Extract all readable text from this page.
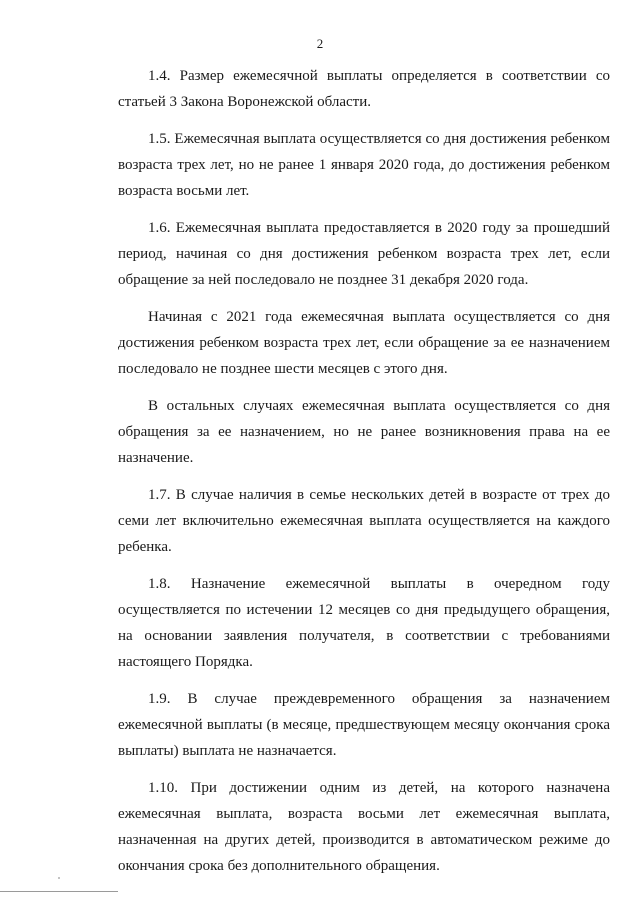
2

1.4. Размер ежемесячной выплаты определяется в соответствии со статьей 3 Закона Воронежской области.

1.5. Ежемесячная выплата осуществляется со дня достижения ребенком возраста трех лет, но не ранее 1 января 2020 года, до достижения ребенком возраста восьми лет.

1.6. Ежемесячная выплата предоставляется в 2020 году за прошедший период, начиная со дня достижения ребенком возраста трех лет, если обращение за ней последовало не позднее 31 декабря 2020 года.

Начиная с 2021 года ежемесячная выплата осуществляется со дня достижения ребенком возраста трех лет, если обращение за ее назначением последовало не позднее шести месяцев с этого дня.

В остальных случаях ежемесячная выплата осуществляется со дня обращения за ее назначением, но не ранее возникновения права на ее назначение.

1.7. В случае наличия в семье нескольких детей в возрасте от трех до семи лет включительно ежемесячная выплата осуществляется на каждого ребенка.

1.8. Назначение ежемесячной выплаты в очередном году осуществляется по истечении 12 месяцев со дня предыдущего обращения, на основании заявления получателя, в соответствии с требованиями настоящего Порядка.

1.9. В случае преждевременного обращения за назначением ежемесячной выплаты (в месяце, предшествующем месяцу окончания срока выплаты) выплата не назначается.

1.10. При достижении одним из детей, на которого назначена ежемесячная выплата, возраста восьми лет ежемесячная выплата, назначенная на других детей, производится в автоматическом режиме до окончания срока без дополнительного обращения.
